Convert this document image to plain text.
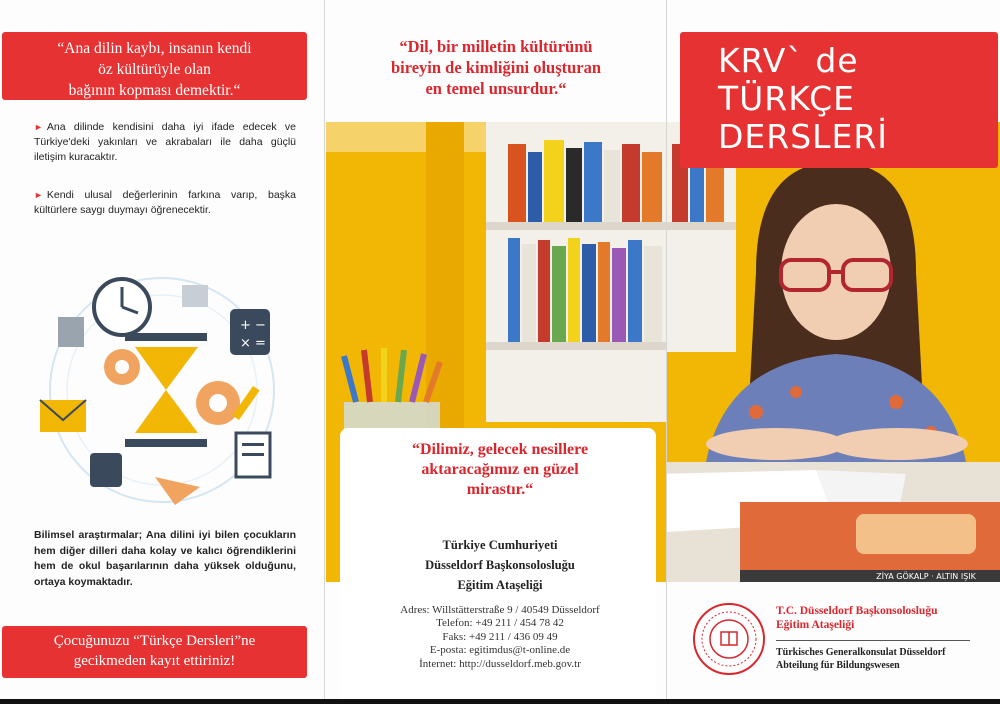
“Ana dilin kaybı, insanın kendi
öz kültürüyle olan
bağının kopması demektir.“
► Ana dilinde kendisini daha iyi ifade edecek ve Türkiye'deki yakınları ve akrabaları ile daha güçlü iletişim kuracaktır.
► Kendi ulusal değerlerinin farkına varıp, başka kültürlere saygı duymayı öğrenecektir.
+ −
× =
Bilimsel araştırmalar; Ana dilini iyi bilen çocukların hem diğer dilleri daha kolay ve kalıcı öğrendiklerini hem de okul başarılarının daha yüksek olduğunu, ortaya koymaktadır.
Çocuğunuzu “Türkçe Dersleri”ne
gecikmeden kayıt ettiriniz!
“Dil, bir milletin kültürünü
bireyin de kimliğini oluşturan
en temel unsurdur.“
“Dilimiz, gelecek nesillere
aktaracağımız en güzel
mirastır.“
Türkiye Cumhuriyeti
Düsseldorf Başkonsolosluğu
Eğitim Ataşeliği
Adres: Willstätterstraße 9 / 40549 Düsseldorf
Telefon: +49 211 / 454 78 42
Faks: +49 211 / 436 09 49
E-posta: egitimdus@t-online.de
İnternet: http://dusseldorf.meb.gov.tr
ZİYA GÖKALP · ALTIN IŞIK
KRV` de
TÜRKÇE
DERSLERİ
T.C. Düsseldorf Başkonsolosluğu
Eğitim Ataşeliği
Türkisches Generalkonsulat Düsseldorf
Abteilung für Bildungswesen
